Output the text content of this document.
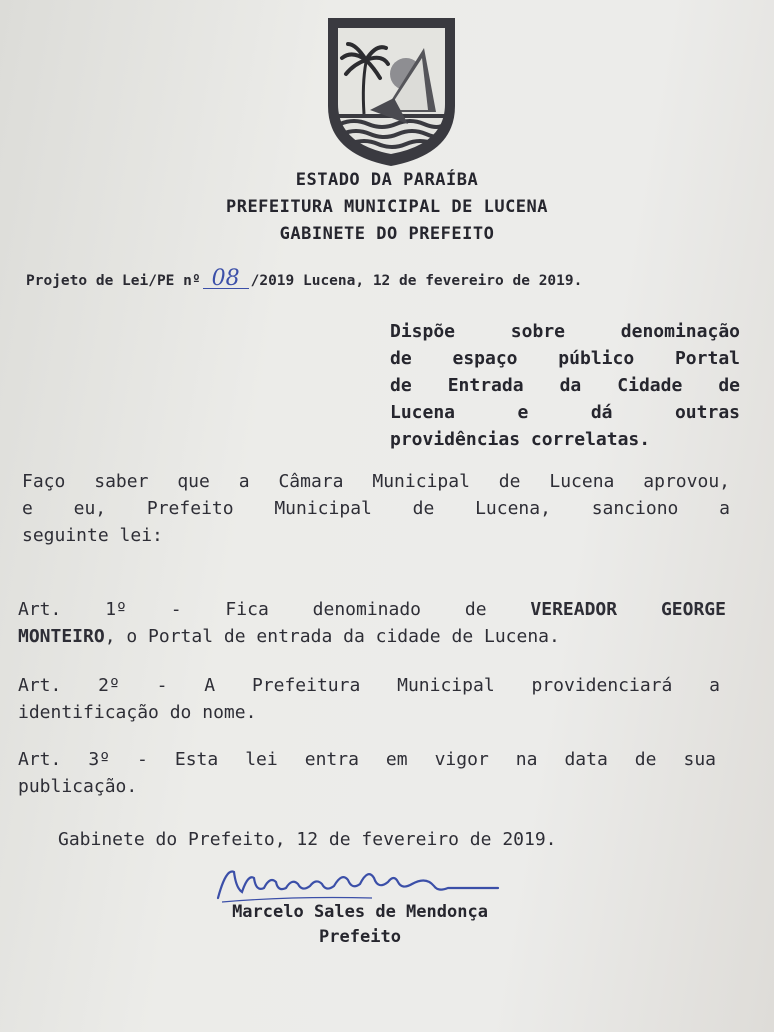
ESTADO DA PARAÍBA
PREFEITURA MUNICIPAL DE LUCENA
GABINETE DO PREFEITO
Projeto de Lei/PE nº 08 /2019 Lucena, 12 de fevereiro de 2019.
Dispõe sobre denominação
de espaço público Portal
de Entrada da Cidade de
Lucena e dá outras
providências correlatas.
Faço saber que a Câmara Municipal de Lucena aprovou,
e eu, Prefeito Municipal de Lucena, sanciono a
seguinte lei:
Art. 1º - Fica denominado de VEREADOR GEORGE
MONTEIRO, o Portal de entrada da cidade de Lucena.
Art. 2º - A Prefeitura Municipal providenciará a
identificação do nome.
Art. 3º - Esta lei entra em vigor na data de sua
publicação.
Gabinete do Prefeito, 12 de fevereiro de 2019.
Marcelo Sales de Mendonça
Prefeito
